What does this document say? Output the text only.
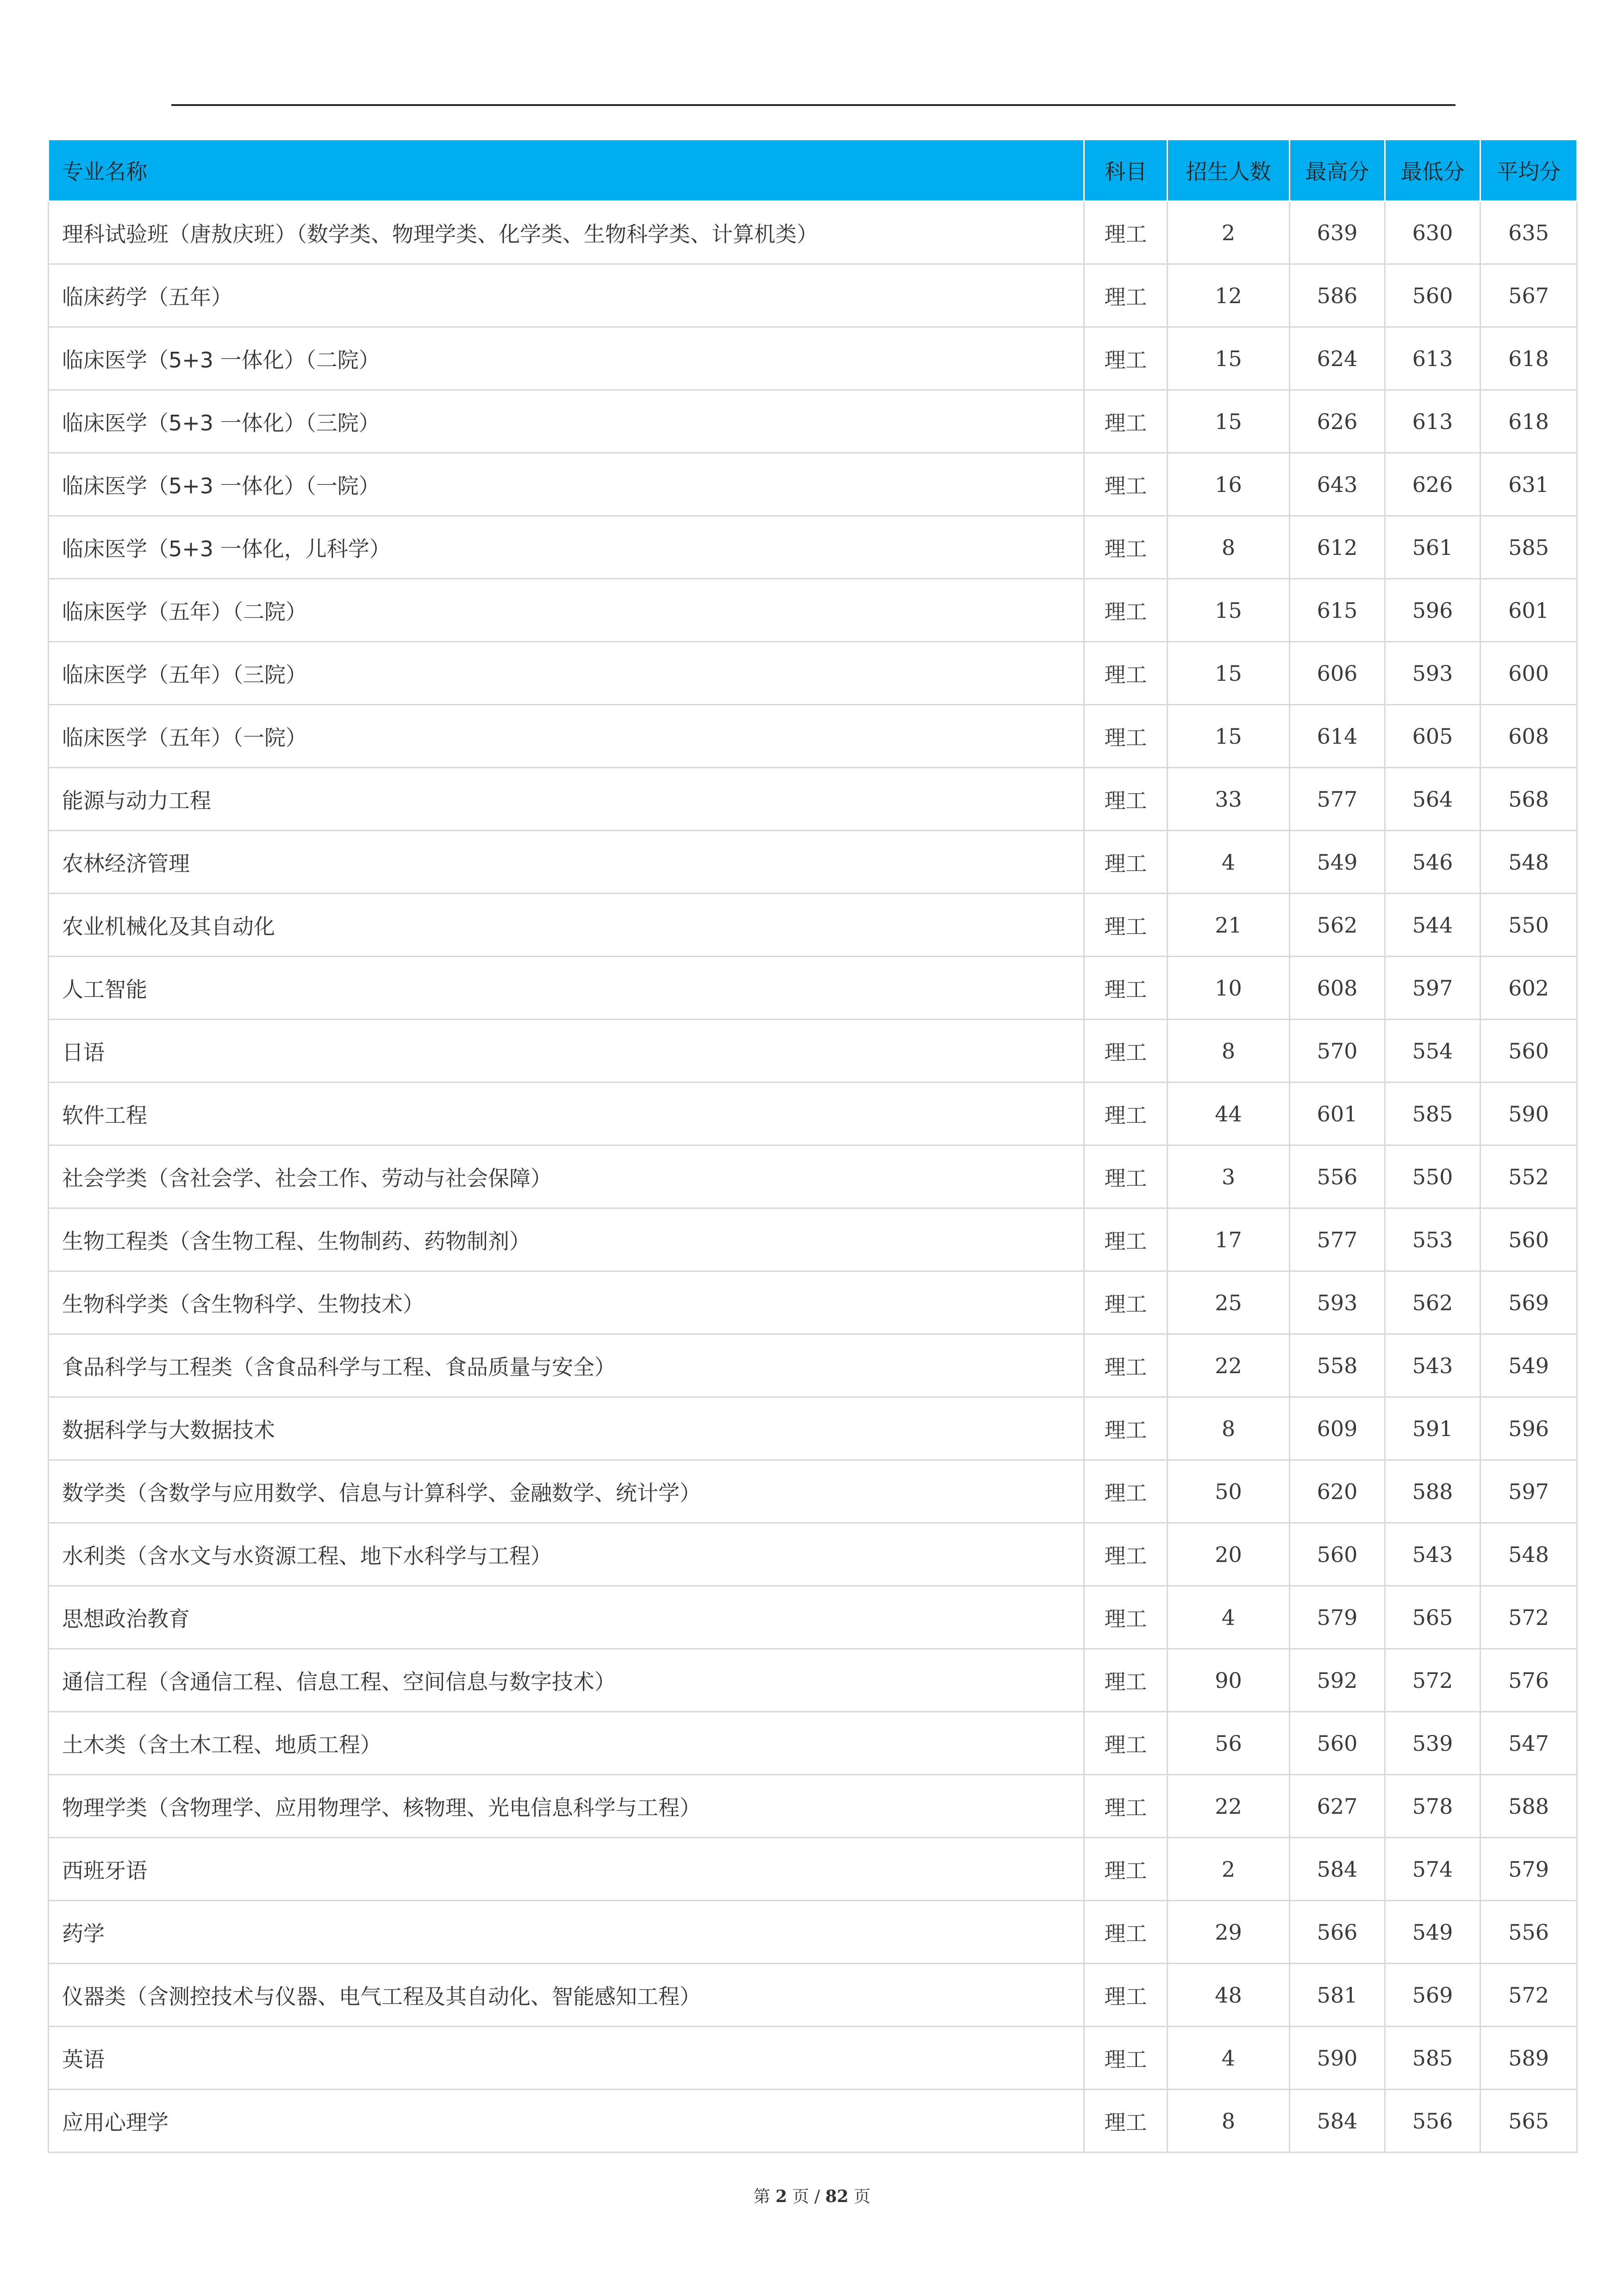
专业名称	科目	招生人数	最高分	最低分	平均分
理科试验班（唐敖庆班）（数学类、物理学类、化学类、生物科学类、计算机类）	理工	2	639	630	635
临床药学（五年）	理工	12	586	560	567
临床医学（5+3 一体化）（二院）	理工	15	624	613	618
临床医学（5+3 一体化）（三院）	理工	15	626	613	618
临床医学（5+3 一体化）（一院）	理工	16	643	626	631
临床医学（5+3 一体化，儿科学）	理工	8	612	561	585
临床医学（五年）（二院）	理工	15	615	596	601
临床医学（五年）（三院）	理工	15	606	593	600
临床医学（五年）（一院）	理工	15	614	605	608
能源与动力工程	理工	33	577	564	568
农林经济管理	理工	4	549	546	548
农业机械化及其自动化	理工	21	562	544	550
人工智能	理工	10	608	597	602
日语	理工	8	570	554	560
软件工程	理工	44	601	585	590
社会学类（含社会学、社会工作、劳动与社会保障）	理工	3	556	550	552
生物工程类（含生物工程、生物制药、药物制剂）	理工	17	577	553	560
生物科学类（含生物科学、生物技术）	理工	25	593	562	569
食品科学与工程类（含食品科学与工程、食品质量与安全）	理工	22	558	543	549
数据科学与大数据技术	理工	8	609	591	596
数学类（含数学与应用数学、信息与计算科学、金融数学、统计学）	理工	50	620	588	597
水利类（含水文与水资源工程、地下水科学与工程）	理工	20	560	543	548
思想政治教育	理工	4	579	565	572
通信工程（含通信工程、信息工程、空间信息与数字技术）	理工	90	592	572	576
土木类（含土木工程、地质工程）	理工	56	560	539	547
物理学类（含物理学、应用物理学、核物理、光电信息科学与工程）	理工	22	627	578	588
西班牙语	理工	2	584	574	579
药学	理工	29	566	549	556
仪器类（含测控技术与仪器、电气工程及其自动化、智能感知工程）	理工	48	581	569	572
英语	理工	4	590	585	589
应用心理学	理工	8	584	556	565
第 2 页 / 82 页
